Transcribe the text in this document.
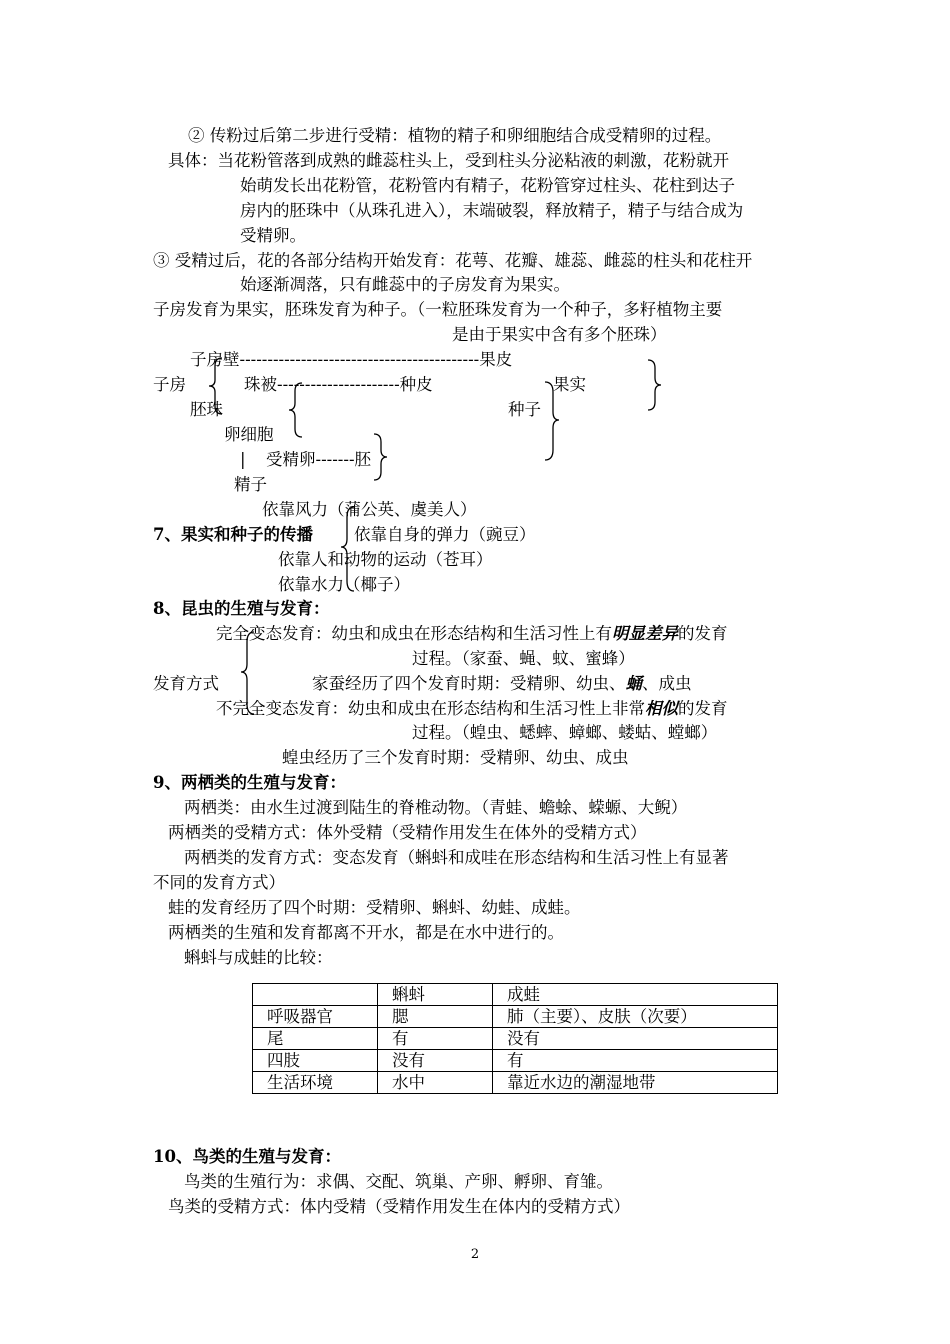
② 传粉过后第二步进行受精：植物的精子和卵细胞结合成受精卵的过程。
具体：当花粉管落到成熟的雌蕊柱头上，受到柱头分泌粘液的刺激，花粉就开
始萌发长出花粉管，花粉管内有精子，花粉管穿过柱头、花柱到达子
房内的胚珠中（从珠孔进入），末端破裂，释放精子，精子与结合成为
受精卵。
③ 受精过后，花的各部分结构开始发育：花萼、花瓣、雄蕊、雌蕊的柱头和花柱开
始逐渐凋落，只有雌蕊中的子房发育为果实。
子房发育为果实，胚珠发育为种子。（一粒胚珠发育为一个种子，多籽植物主要
是由于果实中含有多个胚珠）
子房壁-------------------------------------------果皮
子房	珠被----------------------种皮	果实
胚珠	种子
卵细胞
| 受精卵-------胚
精子
依靠风力（蒲公英、虞美人）
7、果实和种子的传播 依靠自身的弹力（豌豆）
依靠人和动物的运动（苍耳）
依靠水力（椰子）
8、昆虫的生殖与发育：
完全变态发育：幼虫和成虫在形态结构和生活习性上有明显差异的发育
过程。（家蚕、蝇、蚊、蜜蜂）
发育方式	家蚕经历了四个发育时期：受精卵、幼虫、蛹、成虫
不完全变态发育：幼虫和成虫在形态结构和生活习性上非常相似的发育
过程。（蝗虫、蟋蟀、蟑螂、蝼蛄、螳螂）
蝗虫经历了三个发育时期：受精卵、幼虫、成虫
9、两栖类的生殖与发育：
两栖类：由水生过渡到陆生的脊椎动物。（青蛙、蟾蜍、蝾螈、大鲵）
两栖类的受精方式：体外受精（受精作用发生在体外的受精方式）
两栖类的发育方式：变态发育（蝌蚪和成哇在形态结构和生活习性上有显著
不同的发育方式）
蛙的发育经历了四个时期：受精卵、蝌蚪、幼蛙、成蛙。
两栖类的生殖和发育都离不开水，都是在水中进行的。
蝌蚪与成蛙的比较：
	蝌蚪	成蛙
呼吸器官	腮	肺（主要）、皮肤（次要）
尾	有	没有
四肢	没有	有
生活环境	水中	靠近水边的潮湿地带
10、鸟类的生殖与发育：
鸟类的生殖行为：求偶、交配、筑巢、产卵、孵卵、育雏。
鸟类的受精方式：体内受精（受精作用发生在体内的受精方式）
2
